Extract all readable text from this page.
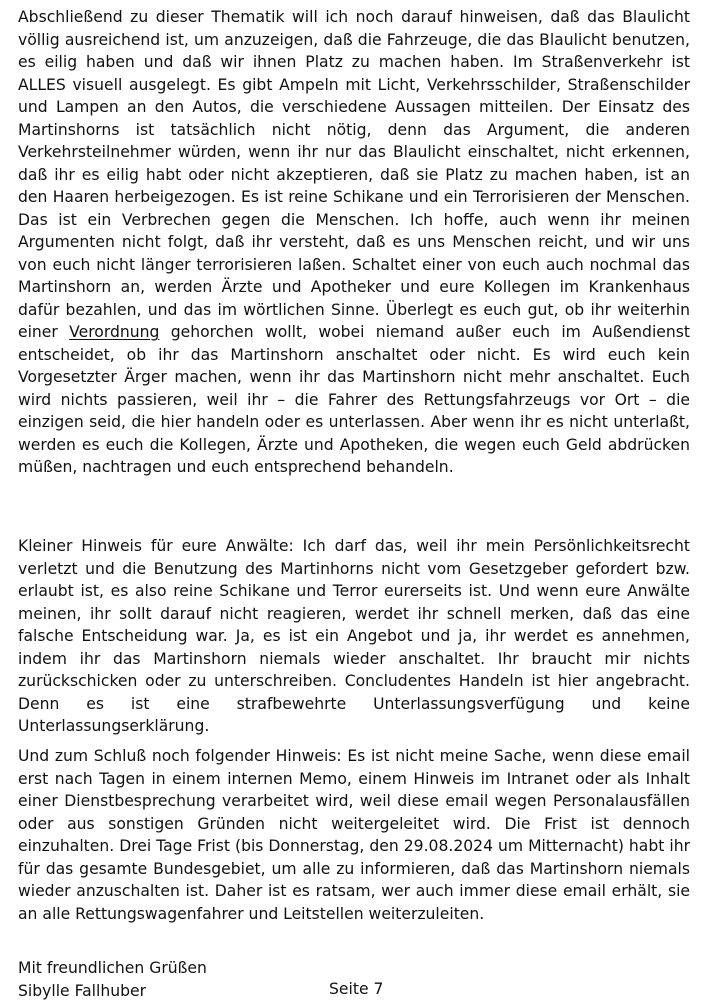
Abschließend zu dieser Thematik will ich noch darauf hinweisen, daß das Blaulicht völlig ausreichend ist, um anzuzeigen, daß die Fahrzeuge, die das Blaulicht benutzen, es eilig haben und daß wir ihnen Platz zu machen haben. Im Straßenverkehr ist ALLES visuell ausgelegt. Es gibt Ampeln mit Licht, Verkehrsschilder, Straßenschilder und Lampen an den Autos, die verschiedene Aussagen mitteilen. Der Einsatz des Martinshorns ist tatsächlich nicht nötig, denn das Argument, die anderen Verkehrsteilnehmer würden, wenn ihr nur das Blaulicht einschaltet, nicht erkennen, daß ihr es eilig habt oder nicht akzeptieren, daß sie Platz zu machen haben, ist an den Haaren herbeigezogen. Es ist reine Schikane und ein Terrorisieren der Menschen. Das ist ein Verbrechen gegen die Menschen. Ich hoffe, auch wenn ihr meinen Argumenten nicht folgt, daß ihr versteht, daß es uns Menschen reicht, und wir uns von euch nicht länger terrorisieren laßen. Schaltet einer von euch auch nochmal das Martinshorn an, werden Ärzte und Apotheker und eure Kollegen im Krankenhaus dafür bezahlen, und das im wörtlichen Sinne. Überlegt es euch gut, ob ihr weiterhin einer Verordnung gehorchen wollt, wobei niemand außer euch im Außendienst entscheidet, ob ihr das Martinshorn anschaltet oder nicht. Es wird euch kein Vorgesetzter Ärger machen, wenn ihr das Martinshorn nicht mehr anschaltet. Euch wird nichts passieren, weil ihr – die Fahrer des Rettungsfahrzeugs vor Ort – die einzigen seid, die hier handeln oder es unterlassen. Aber wenn ihr es nicht unterlaßt, werden es euch die Kollegen, Ärzte und Apotheken, die wegen euch Geld abdrücken müßen, nachtragen und euch entsprechend behandeln.

Kleiner Hinweis für eure Anwälte: Ich darf das, weil ihr mein Persönlichkeitsrecht verletzt und die Benutzung des Martinhorns nicht vom Gesetzgeber gefordert bzw. erlaubt ist, es also reine Schikane und Terror eurerseits ist. Und wenn eure Anwälte meinen, ihr sollt darauf nicht reagieren, werdet ihr schnell merken, daß das eine falsche Entscheidung war. Ja, es ist ein Angebot und ja, ihr werdet es annehmen, indem ihr das Martinshorn niemals wieder anschaltet. Ihr braucht mir nichts zurückschicken oder zu unterschreiben. Concludentes Handeln ist hier angebracht. Denn es ist eine strafbewehrte Unterlassungsverfügung und keine Unterlassungserklärung.

Und zum Schluß noch folgender Hinweis: Es ist nicht meine Sache, wenn diese email erst nach Tagen in einem internen Memo, einem Hinweis im Intranet oder als Inhalt einer Dienstbesprechung verarbeitet wird, weil diese email wegen Personalausfällen oder aus sonstigen Gründen nicht weitergeleitet wird. Die Frist ist dennoch einzuhalten. Drei Tage Frist (bis Donnerstag, den 29.08.2024 um Mitternacht) habt ihr für das gesamte Bundesgebiet, um alle zu informieren, daß das Martinshorn niemals wieder anzuschalten ist. Daher ist es ratsam, wer auch immer diese email erhält, sie an alle Rettungswagenfahrer und Leitstellen weiterzuleiten.

Mit freundlichen Grüßen
Sibylle Fallhuber	Seite 7
